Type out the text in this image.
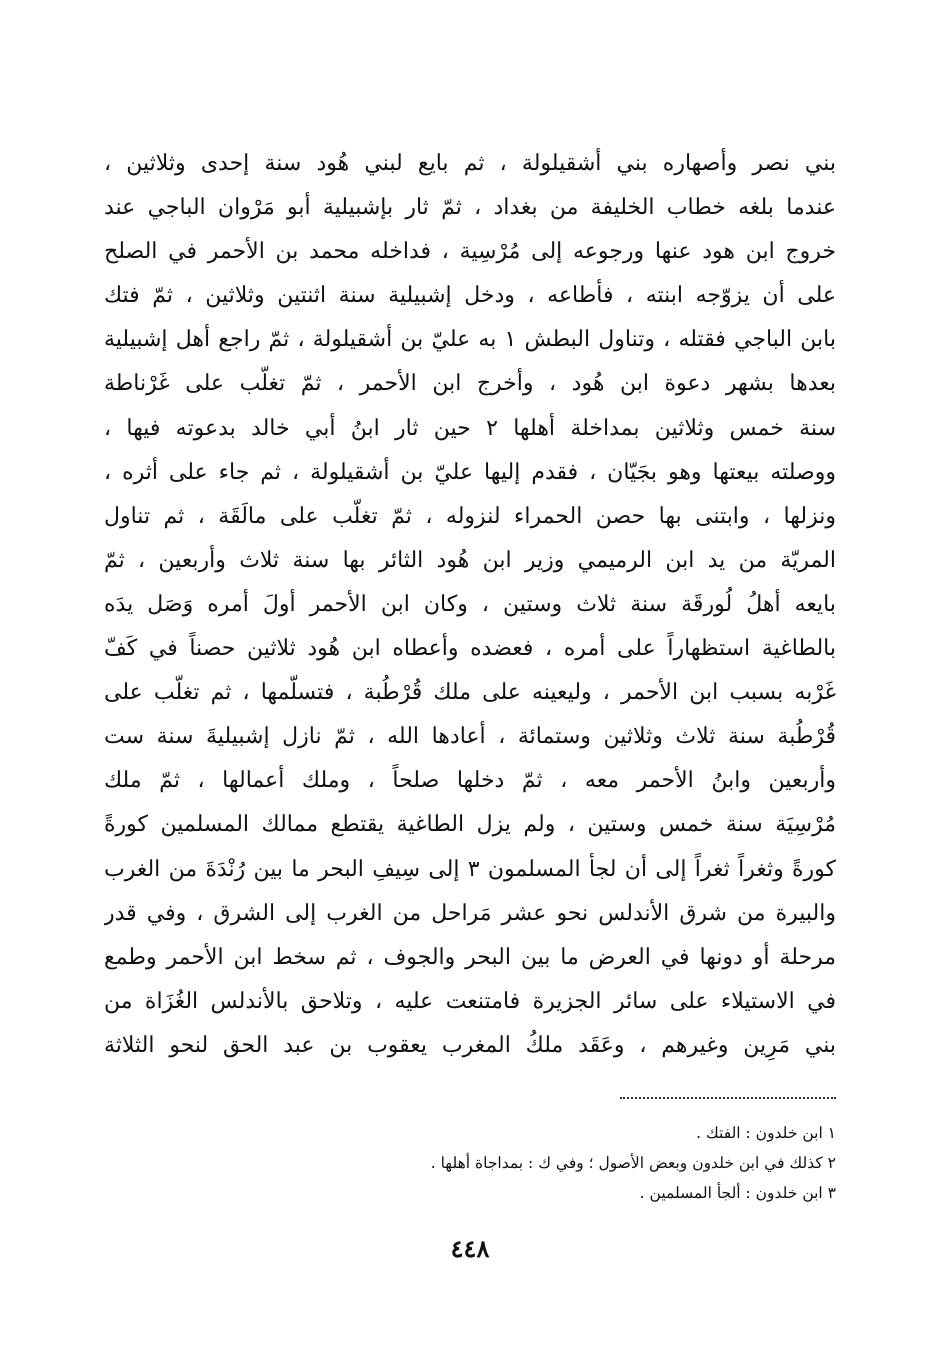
بني نصر وأصهاره بني أشقيلولة ، ثم بايع لبني هُود سنة إحدى وثلاثين ،
عندما بلغه خطاب الخليفة من بغداد ، ثمّ ثار بإشبيلية أبو مَرْوان الباجي عند
خروج ابن هود عنها ورجوعه إلى مُرْسِية ، فداخله محمد بن الأحمر في الصلح
على أن يزوّجه ابنته ، فأطاعه ، ودخل إشبيلية سنة اثنتين وثلاثين ، ثمّ فتك
بابن الباجي فقتله ، وتناول البطش ١ به عليّ بن أشقيلولة ، ثمّ راجع أهل إشبيلية
بعدها بشهر دعوة ابن هُود ، وأخرج ابن الأحمر ، ثمّ تغلّب على غَرْناطة
سنة خمس وثلاثين بمداخلة أهلها ٢ حين ثار ابنُ أبي خالد بدعوته فيها ،
ووصلته بيعتها وهو بجَيّان ، فقدم إليها عليّ بن أشقيلولة ، ثم جاء على أثره ،
ونزلها ، وابتنى بها حصن الحمراء لنزوله ، ثمّ تغلّب على مالَقَة ، ثم تناول
المريّة من يد ابن الرميمي وزير ابن هُود الثائر بها سنة ثلاث وأربعين ، ثمّ
بايعه أهلُ لُورقَة سنة ثلاث وستين ، وكان ابن الأحمر أولَ أمره وَصَل يدَه
بالطاغية استظهاراً على أمره ، فعضده وأعطاه ابن هُود ثلاثين حصناً في كَفّ
غَرْبه بسبب ابن الأحمر ، وليعينه على ملك قُرْطُبة ، فتسلّمها ، ثم تغلّب على
قُرْطُبة سنة ثلاث وثلاثين وستمائة ، أعادها الله ، ثمّ نازل إشبيليةَ سنة ست
وأربعين وابنُ الأحمر معه ، ثمّ دخلها صلحاً ، وملك أعمالها ، ثمّ ملك
مُرْسِيَة سنة خمس وستين ، ولم يزل الطاغية يقتطع ممالك المسلمين كورةً
كورةً وثغراً ثغراً إلى أن لجأ المسلمون ٣ إلى سِيفِ البحر ما بين رُنْدَةَ من الغرب
والبيرة من شرق الأندلس نحو عشر مَراحل من الغرب إلى الشرق ، وفي قدر
مرحلة أو دونها في العرض ما بين البحر والجوف ، ثم سخط ابن الأحمر وطمع
في الاستيلاء على سائر الجزيرة فامتنعت عليه ، وتلاحق بالأندلس الغُزَاة من
بني مَرِين وغيرهم ، وعَقَد ملكُ المغرب يعقوب بن عبد الحق لنحو الثلاثة
١ ابن خلدون : الفتك .
٢ كذلك في ابن خلدون وبعض الأصول ؛ وفي ك : بمداجاة أهلها .
٣ ابن خلدون : ألجأ المسلمين .
٤٤٨
